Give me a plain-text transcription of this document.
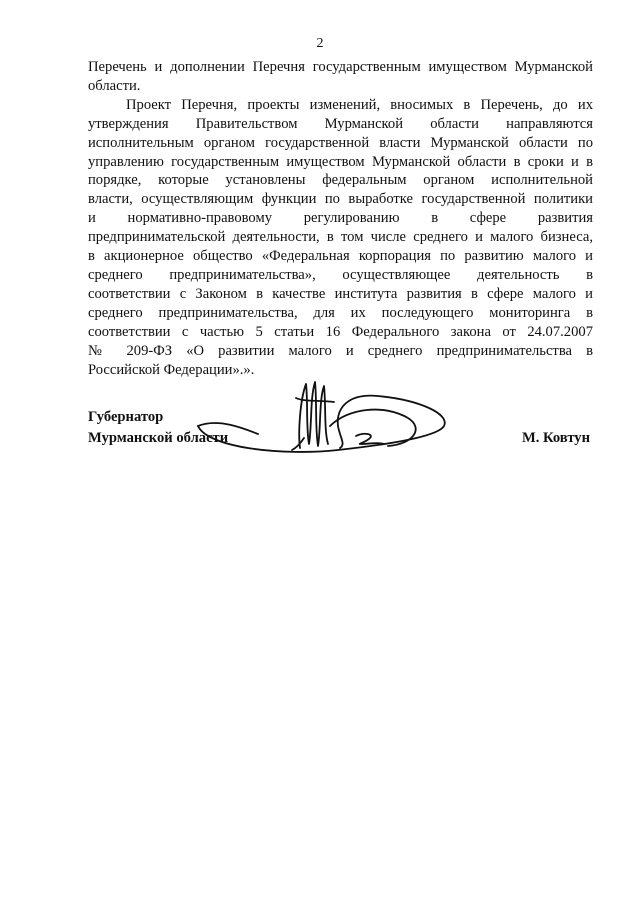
2
Перечень и дополнении Перечня государственным имуществом Мурманской
области.
Проект Перечня, проекты изменений, вносимых в Перечень, до их
утверждения Правительством Мурманской области направляются
исполнительным органом государственной власти Мурманской области по
управлению государственным имуществом Мурманской области в сроки и в
порядке, которые установлены федеральным органом исполнительной
власти, осуществляющим функции по выработке государственной политики
и нормативно-правовому регулированию в сфере развития
предпринимательской деятельности, в том числе среднего и малого бизнеса,
в акционерное общество «Федеральная корпорация по развитию малого и
среднего предпринимательства», осуществляющее деятельность в
соответствии с Законом в качестве института развития в сфере малого и
среднего предпринимательства, для их последующего мониторинга в
соответствии с частью 5 статьи 16 Федерального закона от 24.07.2007
№ 209-ФЗ «О развитии малого и среднего предпринимательства в
Российской Федерации».».
Губернатор
Мурманской области	М. Ковтун
